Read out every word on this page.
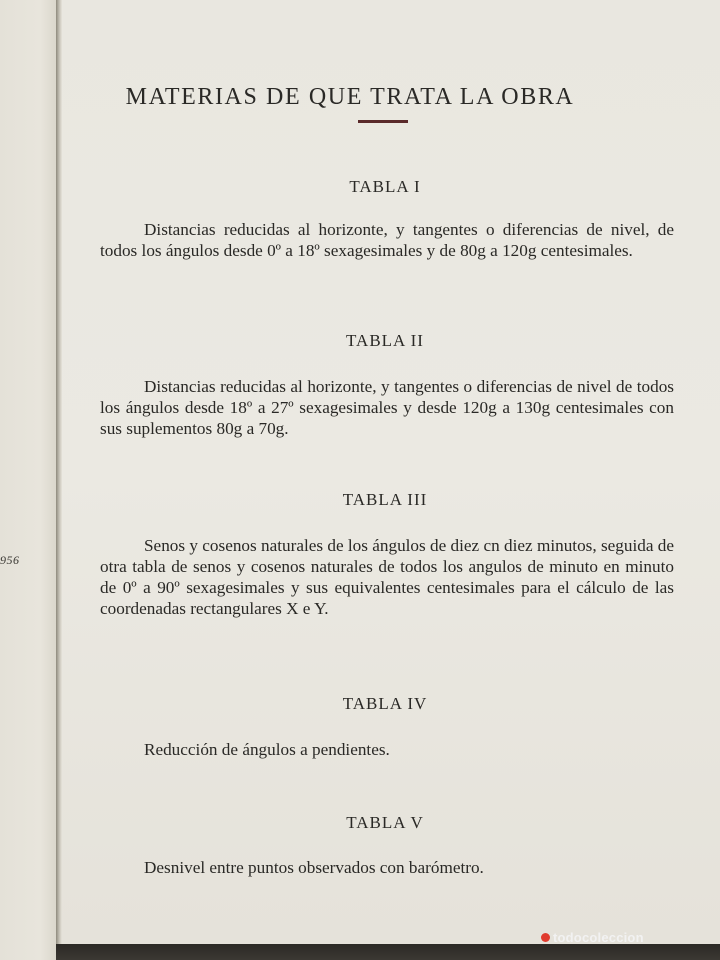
956
MATERIAS DE QUE TRATA LA OBRA
TABLA I

Distancias reducidas al horizonte, y tangentes o diferencias de nivel, de todos los ángulos desde 0º a 18º sexagesimales y de 80g a 120g centesimales.

TABLA II

Distancias reducidas al horizonte, y tangentes o diferencias de nivel de todos los ángulos desde 18º a 27º sexagesimales y desde 120g a 130g centesimales con sus suplementos 80g a 70g.

TABLA III

Senos y cosenos naturales de los ángulos de diez cn diez minutos, seguida de otra tabla de senos y cosenos naturales de todos los angulos de minuto en minuto de 0º a 90º sexagesimales y sus equivalentes centesimales para el cálculo de las coordenadas rectangulares X e Y.

TABLA IV

Reducción de ángulos a pendientes.

TABLA V

Desnivel entre puntos observados con barómetro.

todocoleccion
